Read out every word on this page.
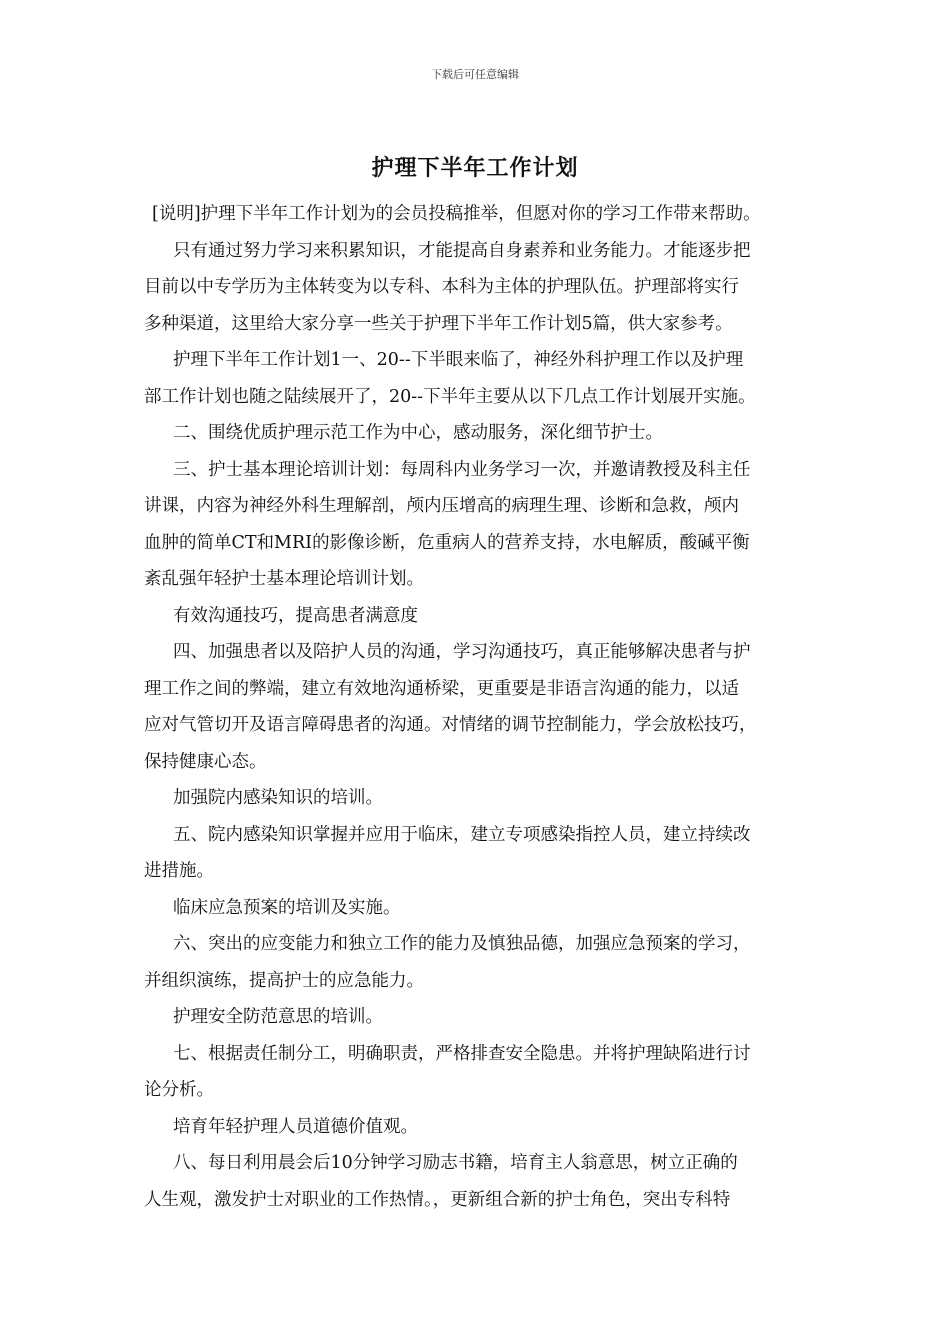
下载后可任意编辑
护理下半年工作计划
[说明]护理下半年工作计划为的会员投稿推举，但愿对你的学习工作带来帮助。
只有通过努力学习来积累知识，才能提高自身素养和业务能力。才能逐步把
目前以中专学历为主体转变为以专科、本科为主体的护理队伍。护理部将实行
多种渠道，这里给大家分享一些关于护理下半年工作计划5篇，供大家参考。
护理下半年工作计划1一、20--下半眼来临了，神经外科护理工作以及护理
部工作计划也随之陆续展开了，20--下半年主要从以下几点工作计划展开实施。
二、围绕优质护理示范工作为中心，感动服务，深化细节护士。
三、护士基本理论培训计划：每周科内业务学习一次，并邀请教授及科主任
讲课，内容为神经外科生理解剖，颅内压增高的病理生理、诊断和急救，颅内
血肿的简单CT和MRI的影像诊断，危重病人的营养支持，水电解质，酸碱平衡
紊乱强年轻护士基本理论培训计划。
有效沟通技巧，提高患者满意度
四、加强患者以及陪护人员的沟通，学习沟通技巧，真正能够解决患者与护
理工作之间的弊端，建立有效地沟通桥梁，更重要是非语言沟通的能力，以适
应对气管切开及语言障碍患者的沟通。对情绪的调节控制能力，学会放松技巧，
保持健康心态。
加强院内感染知识的培训。
五、院内感染知识掌握并应用于临床，建立专项感染指控人员，建立持续改
进措施。
临床应急预案的培训及实施。
六、突出的应变能力和独立工作的能力及慎独品德，加强应急预案的学习，
并组织演练，提高护士的应急能力。
护理安全防范意思的培训。
七、根据责任制分工，明确职责，严格排查安全隐患。并将护理缺陷进行讨
论分析。
培育年轻护理人员道德价值观。
八、每日利用晨会后10分钟学习励志书籍，培育主人翁意思，树立正确的
人生观，激发护士对职业的工作热情。，更新组合新的护士角色，突出专科特
